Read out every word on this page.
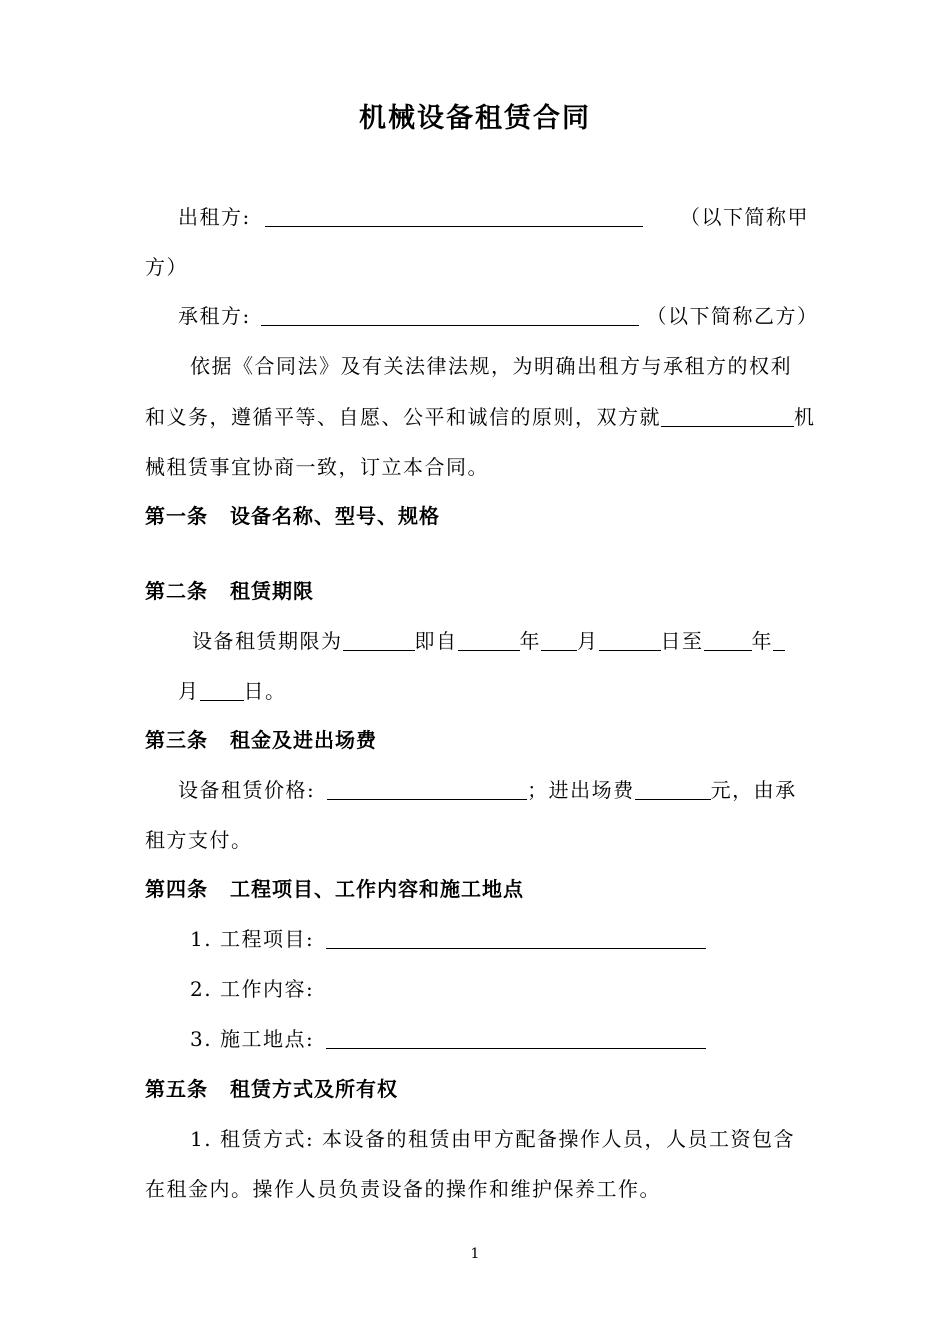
机械设备租赁合同
出租方:	（以下简称甲
方）
承租方:	（以下简称乙方）
依据《合同法》及有关法律法规，为明确出租方与承租方的权利
和义务，遵循平等、自愿、公平和诚信的原则，双方就	机
械租赁事宜协商一致，订立本合同。
第一条 设备名称、型号、规格
第二条 租赁期限
设备租赁期限为	即自	年 月	日至 年
月 日。
第三条 租金及进出场费
设备租赁价格:	；进出场费	元，由承
租方支付。
第四条 工程项目、工作内容和施工地点
1. 工程项目:
2. 工作内容:
3. 施工地点:
第五条 租赁方式及所有权
1. 租赁方式: 本设备的租赁由甲方配备操作人员，人员工资包含
在租金内。操作人员负责设备的操作和维护保养工作。
1
